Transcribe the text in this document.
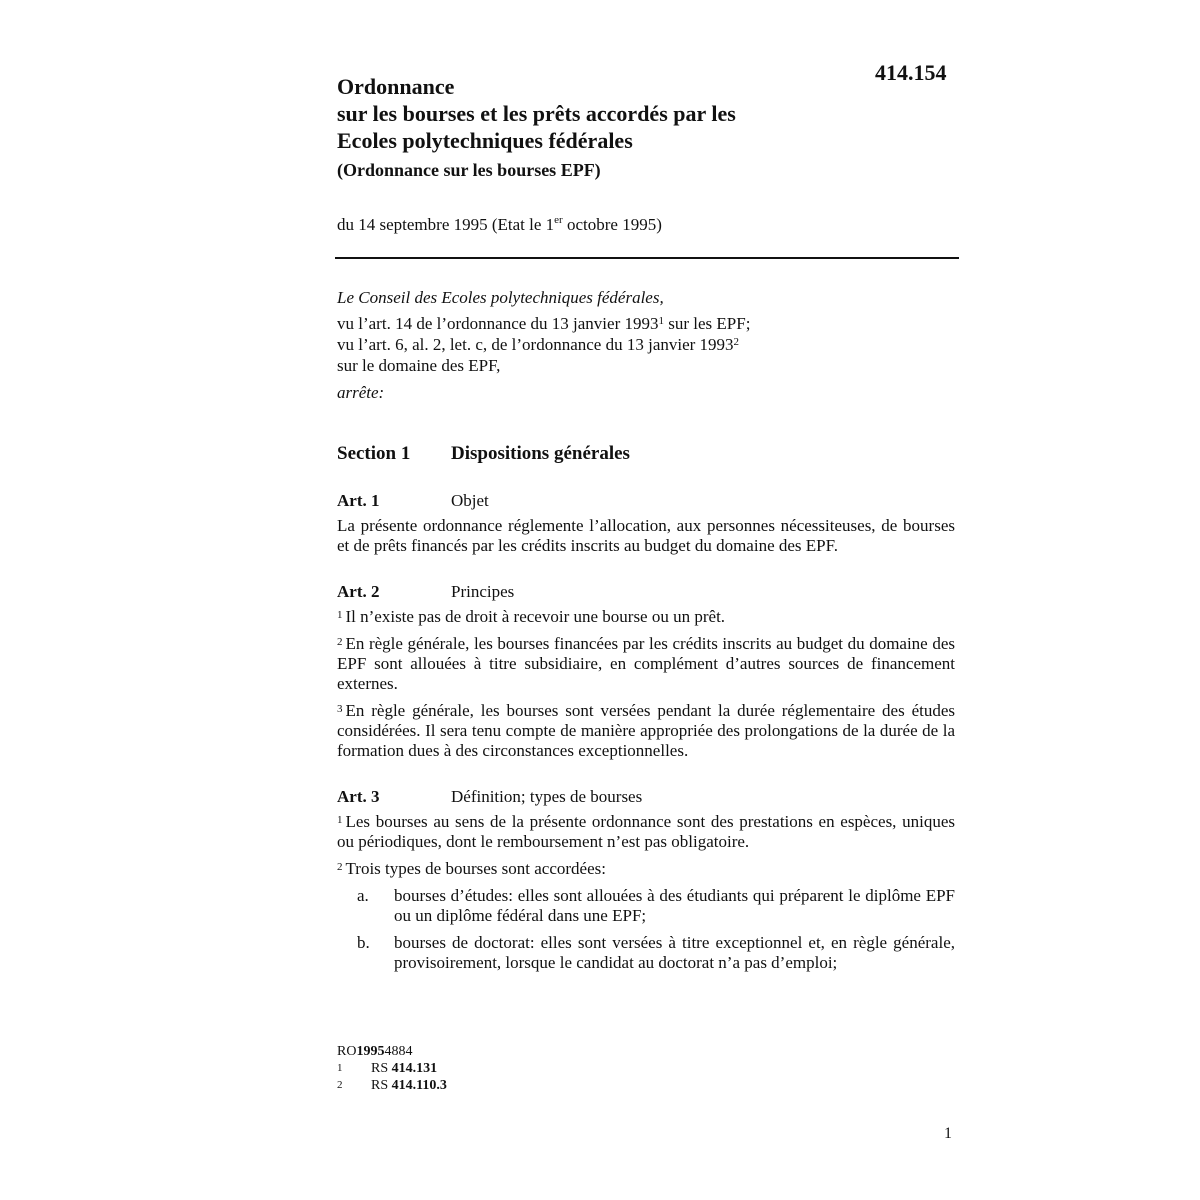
414.154
Ordonnance
sur les bourses et les prêts accordés par les
Ecoles polytechniques fédérales
(Ordonnance sur les bourses EPF)
du 14 septembre 1995 (Etat le 1er octobre 1995)
Le Conseil des Ecoles polytechniques fédérales,
vu l’art. 14 de l’ordonnance du 13 janvier 1993$^1$ sur les EPF;
vu l’art. 6, al. 2, let. c, de l’ordonnance du 13 janvier 1993$^2$
sur le domaine des EPF,
arrête:
Section 1	Dispositions générales
Art. 1	Objet

La présente ordonnance réglemente l’allocation, aux personnes nécessiteuses, de bourses et de prêts financés par les crédits inscrits au budget du domaine des EPF.

Art. 2	Principes

$^1$ Il n’existe pas de droit à recevoir une bourse ou un prêt.

$^2$ En règle générale, les bourses financées par les crédits inscrits au budget du domaine des EPF sont allouées à titre subsidiaire, en complément d’autres sources de financement externes.

$^3$ En règle générale, les bourses sont versées pendant la durée réglementaire des études considérées. Il sera tenu compte de manière appropriée des prolongations de la durée de la formation dues à des circonstances exceptionnelles.

Art. 3	Définition; types de bourses

$^1$ Les bourses au sens de la présente ordonnance sont des prestations en espèces, uniques ou périodiques, dont le remboursement n’est pas obligatoire.

$^2$ Trois types de bourses sont accordées:

a.	bourses d’études: elles sont allouées à des étudiants qui préparent le diplôme EPF ou un diplôme fédéral dans une EPF;
b.	bourses de doctorat: elles sont versées à titre exceptionnel et, en règle générale, provisoirement, lorsque le candidat au doctorat n’a pas d’emploi;
RO 1995 4884
1	RS
414.131
2	RS
414.110.3
1
